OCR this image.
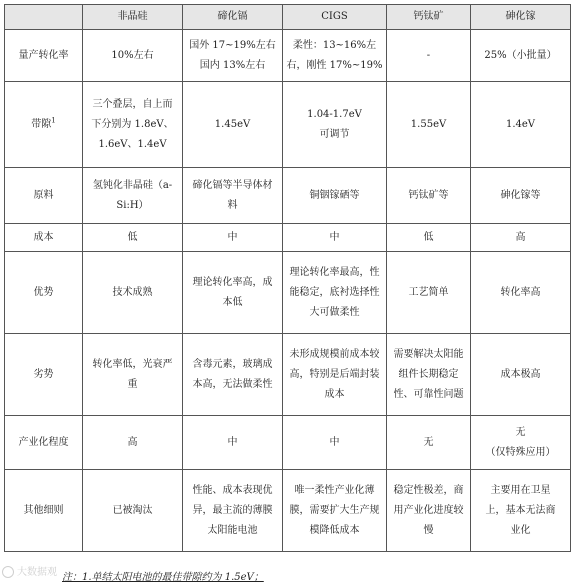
	非晶硅	碲化镉	CIGS	钙钛矿	砷化镓
量产转化率	10%左右	国外 17~19%左右
国内 13%左右	柔性：13~16%左
右，刚性 17%~19%	-	25%（小批量）

带隙$^1$	三个叠层，自上而
下分别为 1.8eV、
1.6eV、1.4eV	1.45eV	1.04-1.7eV
可调节	1.55eV	1.4eV

原料	氢钝化非晶硅（a-
Si:H）	碲化镉等半导体材
料	铜铟镓硒等	钙钛矿等	砷化镓等

成本	低	中	中	低	高

优势	技术成熟	理论转化率高，成
本低	理论转化率最高，性
能稳定，底衬选择性
大可做柔性	工艺简单	转化率高

劣势	转化率低，光衰严
重	含毒元素，玻璃成
本高，无法做柔性	未形成规模前成本较
高，特别是后端封装
成本	需要解决太阳能
组件长期稳定
性、可靠性问题	成本极高

产业化程度	高	中	中	无	无
（仅特殊应用）

其他细则	已被淘汰	性能、成本表现优
异，最主流的薄膜
太阳能电池	唯一柔性产业化薄
膜，需要扩大生产规
模降低成本	稳定性极差，商
用产业化进度较
慢	主要用在卫星
上，基本无法商
业化
大数据观 注：1.单结太阳电池的最佳带隙约为 1.5eV；
